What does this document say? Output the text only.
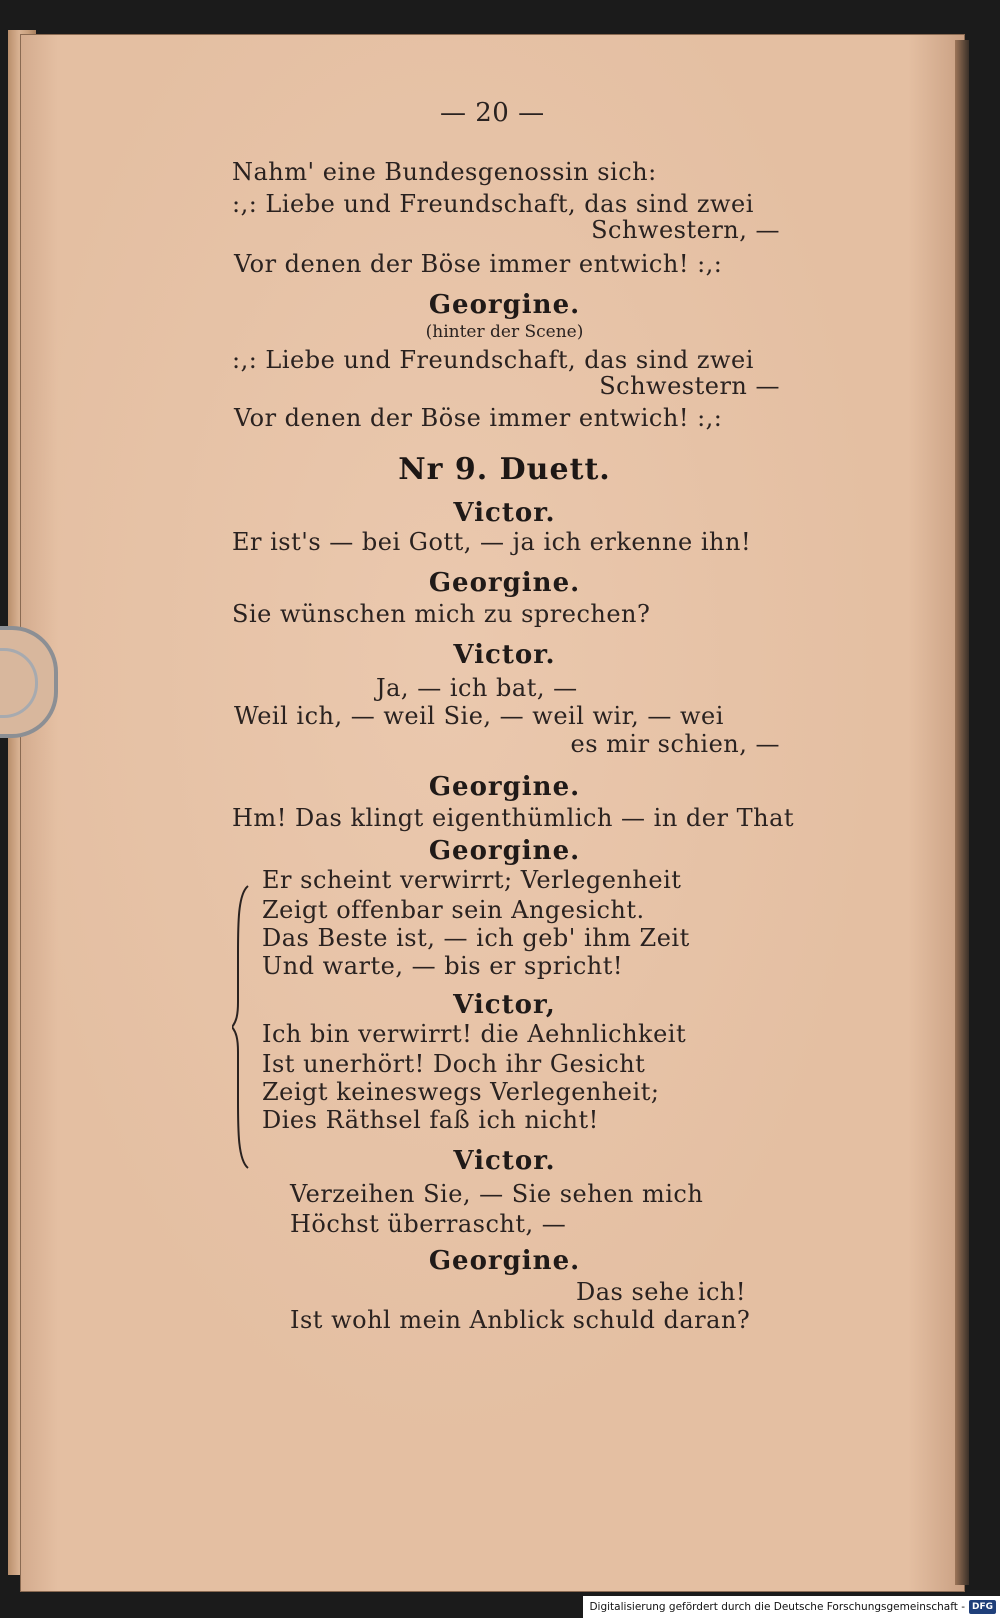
— 20 —
Nahm' eine Bundesgenossin sich:
:,: Liebe und Freundschaft, das sind zwei
Schwestern, —
Vor denen der Böse immer entwich! :,:
Georgine.
(hinter der Scene)
:,: Liebe und Freundschaft, das sind zwei
Schwestern —
Vor denen der Böse immer entwich! :,:
Nr 9. Duett.
Victor.
Er ist's — bei Gott, — ja ich erkenne ihn!
Georgine.
Sie wünschen mich zu sprechen?
Victor.
Ja, — ich bat, —
Weil ich, — weil Sie, — weil wir, — wei
es mir schien, —
Georgine.
Hm! Das klingt eigenthümlich — in der That
Georgine.
Er scheint verwirrt; Verlegenheit
Zeigt offenbar sein Angesicht.
Das Beste ist, — ich geb' ihm Zeit
Und warte, — bis er spricht!
Victor,
Ich bin verwirrt! die Aehnlichkeit
Ist unerhört! Doch ihr Gesicht
Zeigt keineswegs Verlegenheit;
Dies Räthsel faß ich nicht!
Victor.
Verzeihen Sie, — Sie sehen mich
Höchst überrascht, —
Georgine.
Das sehe ich!
Ist wohl mein Anblick schuld daran?
Digitalisierung gefördert durch die Deutsche Forschungsgemeinschaft - DFG
